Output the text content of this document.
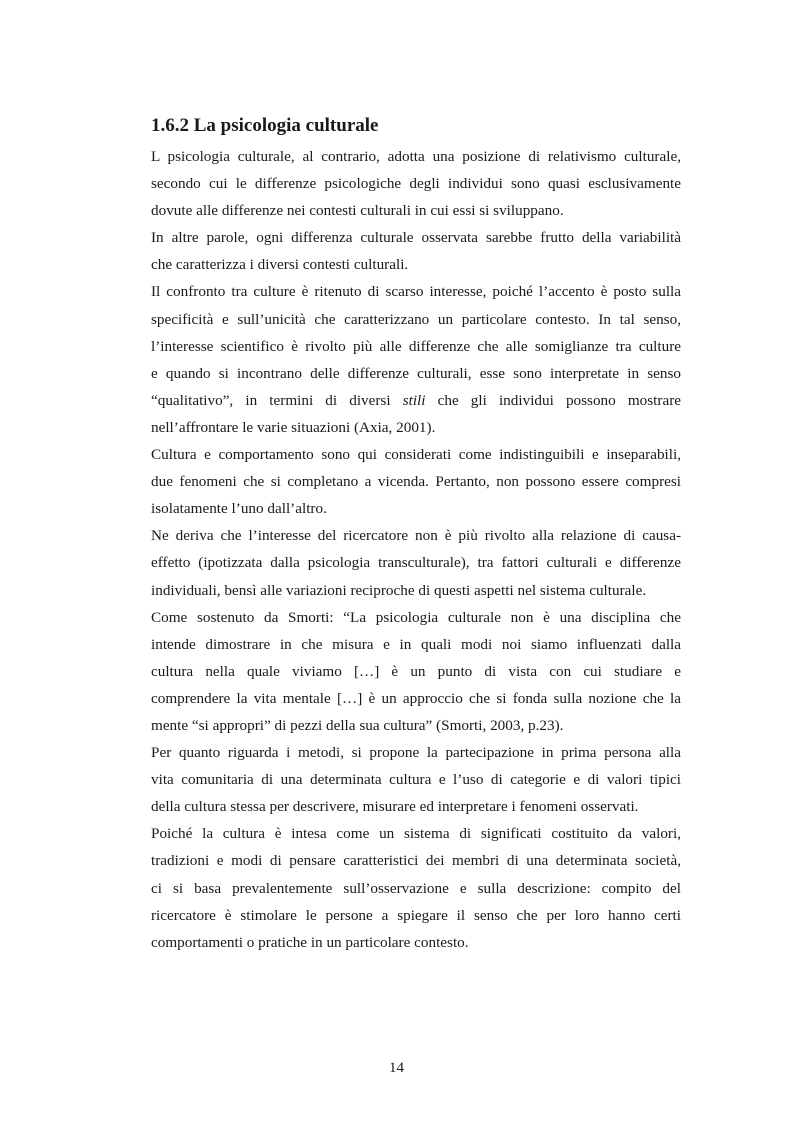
1.6.2 La psicologia culturale

L psicologia culturale, al contrario, adotta una posizione di relativismo culturale,
secondo cui le differenze psicologiche degli individui sono quasi esclusivamente
dovute alle differenze nei contesti culturali in cui essi si sviluppano.

In altre parole, ogni differenza culturale osservata sarebbe frutto della variabilità
che caratterizza i diversi contesti culturali.

Il confronto tra culture è ritenuto di scarso interesse, poiché l’accento è posto sulla
specificità e sull’unicità che caratterizzano un particolare contesto. In tal senso,
l’interesse scientifico è rivolto più alle differenze che alle somiglianze tra culture
e quando si incontrano delle differenze culturali, esse sono interpretate in senso
“qualitativo”, in termini di diversi stili che gli individui possono mostrare
nell’affrontare le varie situazioni (Axia, 2001).

Cultura e comportamento sono qui considerati come indistinguibili e inseparabili,
due fenomeni che si completano a vicenda. Pertanto, non possono essere compresi
isolatamente l’uno dall’altro.

Ne deriva che l’interesse del ricercatore non è più rivolto alla relazione di causa-
effetto (ipotizzata dalla psicologia transculturale), tra fattori culturali e differenze
individuali, bensì alle variazioni reciproche di questi aspetti nel sistema culturale.

Come sostenuto da Smorti: “La psicologia culturale non è una disciplina che
intende dimostrare in che misura e in quali modi noi siamo influenzati dalla
cultura nella quale viviamo […] è un punto di vista con cui studiare e
comprendere la vita mentale […] è un approccio che si fonda sulla nozione che la
mente “si appropri” di pezzi della sua cultura” (Smorti, 2003, p.23).

Per quanto riguarda i metodi, si propone la partecipazione in prima persona alla
vita comunitaria di una determinata cultura e l’uso di categorie e di valori tipici
della cultura stessa per descrivere, misurare ed interpretare i fenomeni osservati.

Poiché la cultura è intesa come un sistema di significati costituito da valori,
tradizioni e modi di pensare caratteristici dei membri di una determinata società,
ci si basa prevalentemente sull’osservazione e sulla descrizione: compito del
ricercatore è stimolare le persone a spiegare il senso che per loro hanno certi
comportamenti o pratiche in un particolare contesto.

14
